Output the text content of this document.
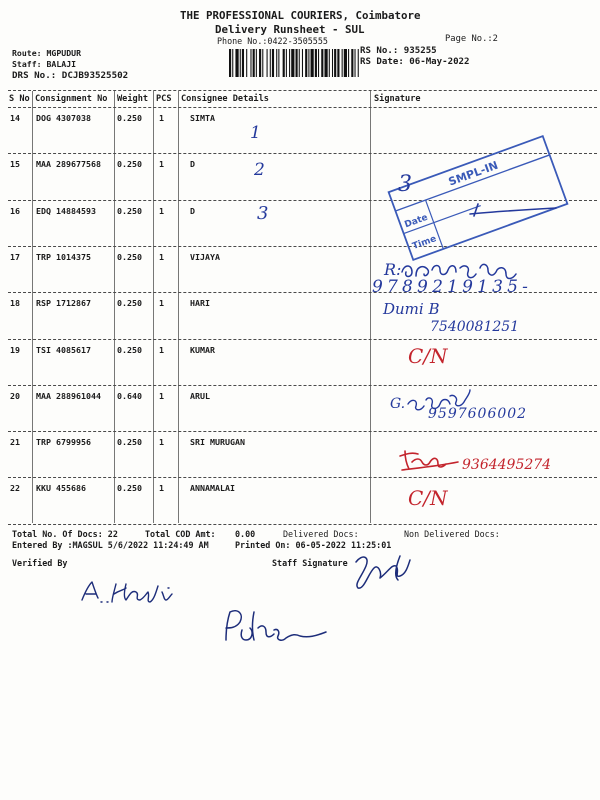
THE PROFESSIONAL COURIERS, Coimbatore
Delivery Runsheet - SUL
Phone No.:0422-3505555	Page No.:2
Route: MGPUDUR
Staff: BALAJI
DRS No.: DCJB93525502
RS No.: 935255
RS Date: 06-May-2022
S No Consignment No Weight PCS Consignee Details	Signature
14 DOG 4307038	0.250 1	SIMTA
15 MAA 289677568 0.250 1	D
16 EDQ 14884593	0.250 1	D
17 TRP 1014375	0.250 1	VIJAYA
18 RSP 1712867	0.250 1	HARI
19 TSI 4085617	0.250 1	KUMAR
20 MAA 288961044 0.640 1	ARUL
21 TRP 6799956	0.250 1	SRI MURUGAN
22 KKU 455686	0.250 1	ANNAMALAI
Total No. Of Docs: 22	Total COD Amt: 0.00	Delivered Docs:	Non Delivered Docs:
Entered By :MAGSUL 5/6/2022 11:24:49 AM	Printed On: 06-05-2022 11:25:01
Verified By	Staff Signature
SMPL-IN
Date
Time
1
2
3
3
R:
9789219135-
Dumi B
7540081251
C/N
G.
9597606002
9364495274
C/N
